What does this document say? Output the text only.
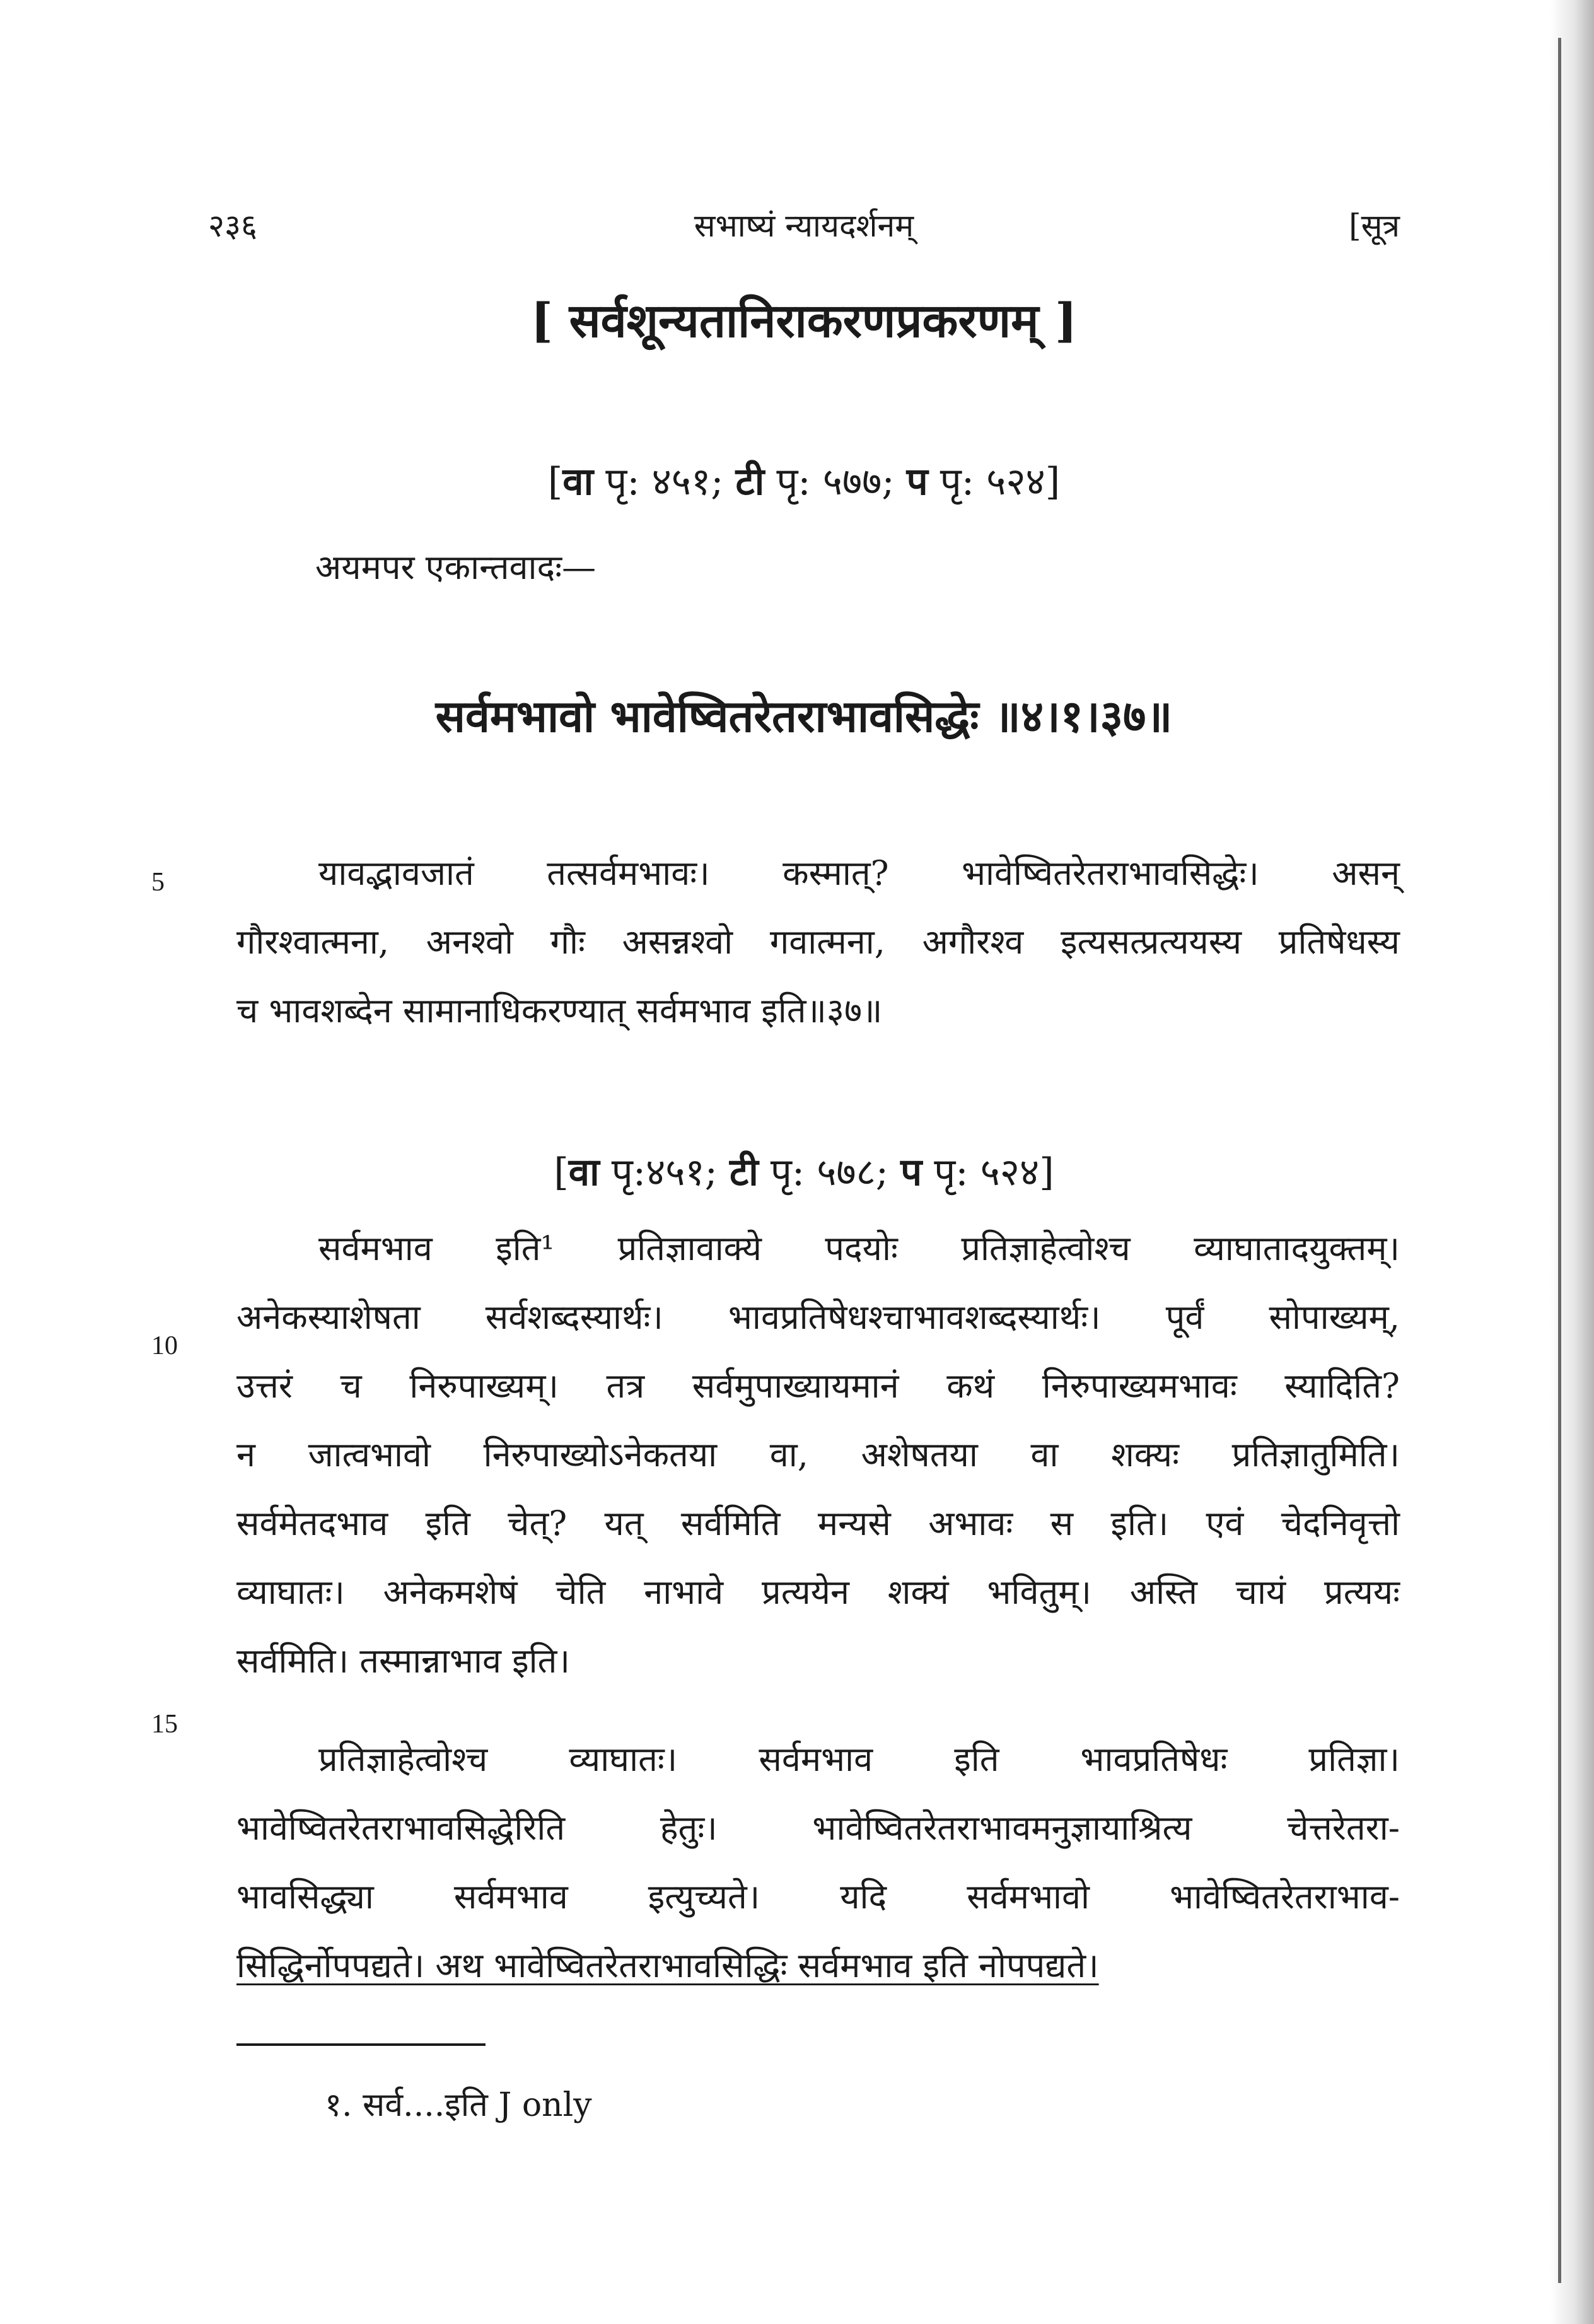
२३६	सभाष्यं न्यायदर्शनम्	[सूत्र
[ सर्वशून्यतानिराकरणप्रकरणम् ]
[वा पृ: ४५१; टी पृ: ५७७; प पृ: ५२४]
अयमपर एकान्तवादः—
सर्वमभावो भावेष्वितरेतराभावसिद्धेः ॥४।१।३७॥
5	यावद्भावजातं तत्सर्वमभावः। कस्मात्? भावेष्वितरेतराभावसिद्धेः। असन्
गौरश्वात्मना, अनश्वो गौः असन्नश्वो गवात्मना, अगौरश्व इत्यसत्प्रत्ययस्य प्रतिषेधस्य
च भावशब्देन सामानाधिकरण्यात् सर्वमभाव इति॥३७॥
[वा पृ:४५१; टी पृ: ५७८; प पृ: ५२४]
10
15
सर्वमभाव इति¹ प्रतिज्ञावाक्ये पदयोः प्रतिज्ञाहेत्वोश्च व्याघातादयुक्तम्।
अनेकस्याशेषता सर्वशब्दस्यार्थः। भावप्रतिषेधश्चाभावशब्दस्यार्थः। पूर्वं सोपाख्यम्,
उत्तरं च निरुपाख्यम्। तत्र सर्वमुपाख्यायमानं कथं निरुपाख्यमभावः स्यादिति?
न जात्वभावो निरुपाख्योऽनेकतया वा, अशेषतया वा शक्यः प्रतिज्ञातुमिति।
सर्वमेतदभाव इति चेत्? यत् सर्वमिति मन्यसे अभावः स इति। एवं चेदनिवृत्तो
व्याघातः। अनेकमशेषं चेति नाभावे प्रत्ययेन शक्यं भवितुम्। अस्ति चायं प्रत्ययः
सर्वमिति। तस्मान्नाभाव इति।
प्रतिज्ञाहेत्वोश्च व्याघातः। सर्वमभाव इति भावप्रतिषेधः प्रतिज्ञा।
भावेष्वितरेतराभावसिद्धेरिति हेतुः। भावेष्वितरेतराभावमनुज्ञायाश्रित्य चेत्तरेतरा-
भावसिद्ध्या सर्वमभाव इत्युच्यते। यदि सर्वमभावो भावेष्वितरेतराभाव-
सिद्धिर्नोपपद्यते। अथ भावेष्वितरेतराभावसिद्धिः सर्वमभाव इति नोपपद्यते।
१. सर्व....इति J only
